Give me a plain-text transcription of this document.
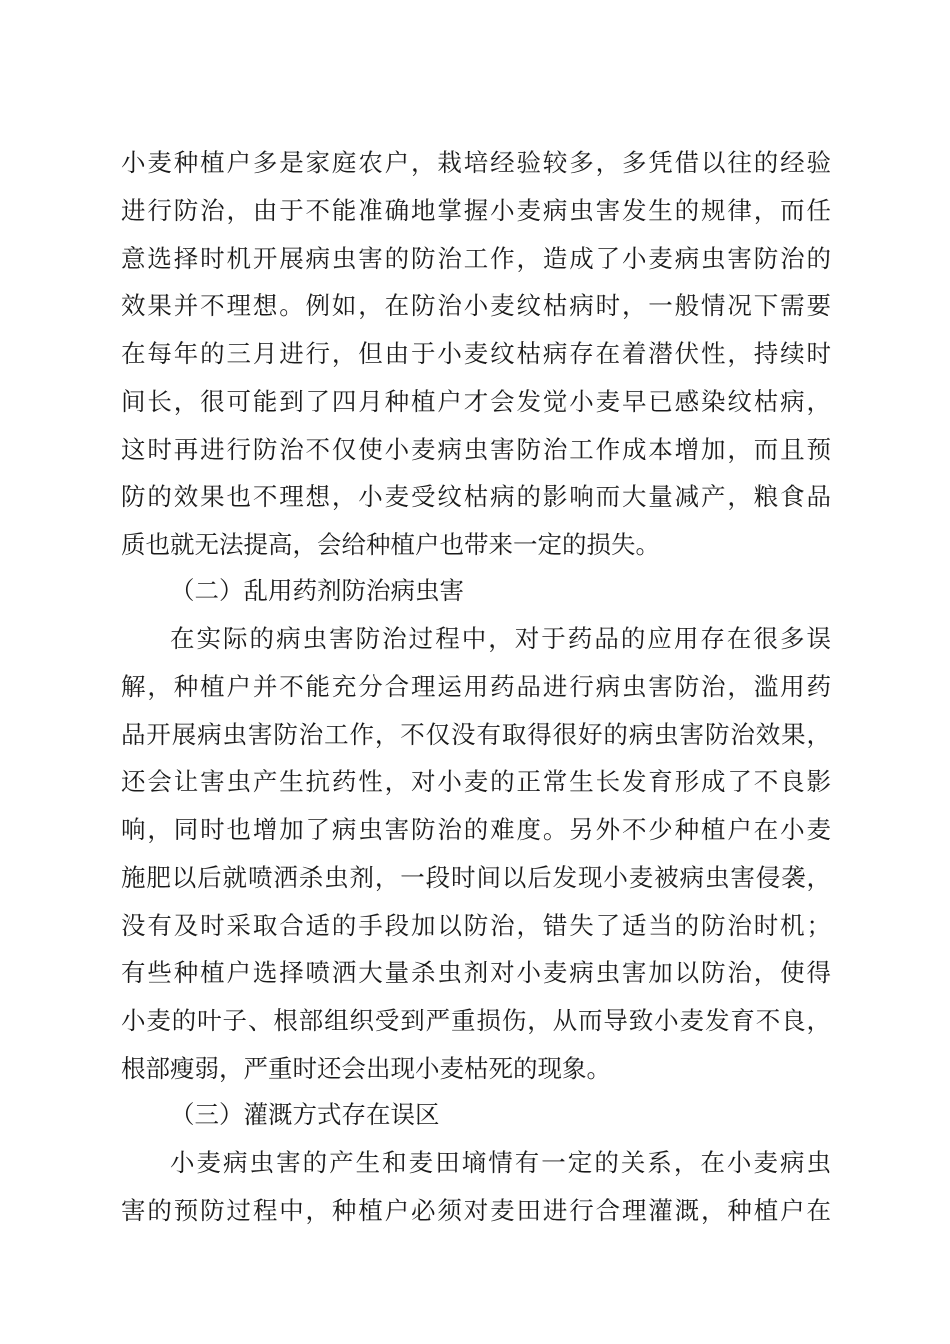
小麦种植户多是家庭农户，栽培经验较多，多凭借以往的经验
进行防治，由于不能准确地掌握小麦病虫害发生的规律，而任
意选择时机开展病虫害的防治工作，造成了小麦病虫害防治的
效果并不理想。例如，在防治小麦纹枯病时，一般情况下需要
在每年的三月进行，但由于小麦纹枯病存在着潜伏性，持续时
间长，很可能到了四月种植户才会发觉小麦早已感染纹枯病，
这时再进行防治不仅使小麦病虫害防治工作成本增加，而且预
防的效果也不理想，小麦受纹枯病的影响而大量减产，粮食品
质也就无法提高，会给种植户也带来一定的损失。
（二）乱用药剂防治病虫害
在实际的病虫害防治过程中，对于药品的应用存在很多误
解，种植户并不能充分合理运用药品进行病虫害防治，滥用药
品开展病虫害防治工作，不仅没有取得很好的病虫害防治效果，
还会让害虫产生抗药性，对小麦的正常生长发育形成了不良影
响，同时也增加了病虫害防治的难度。另外不少种植户在小麦
施肥以后就喷洒杀虫剂，一段时间以后发现小麦被病虫害侵袭，
没有及时采取合适的手段加以防治，错失了适当的防治时机；
有些种植户选择喷洒大量杀虫剂对小麦病虫害加以防治，使得
小麦的叶子、根部组织受到严重损伤，从而导致小麦发育不良，
根部瘦弱，严重时还会出现小麦枯死的现象。
（三）灌溉方式存在误区
小麦病虫害的产生和麦田墒情有一定的关系，在小麦病虫
害的预防过程中，种植户必须对麦田进行合理灌溉，种植户在
